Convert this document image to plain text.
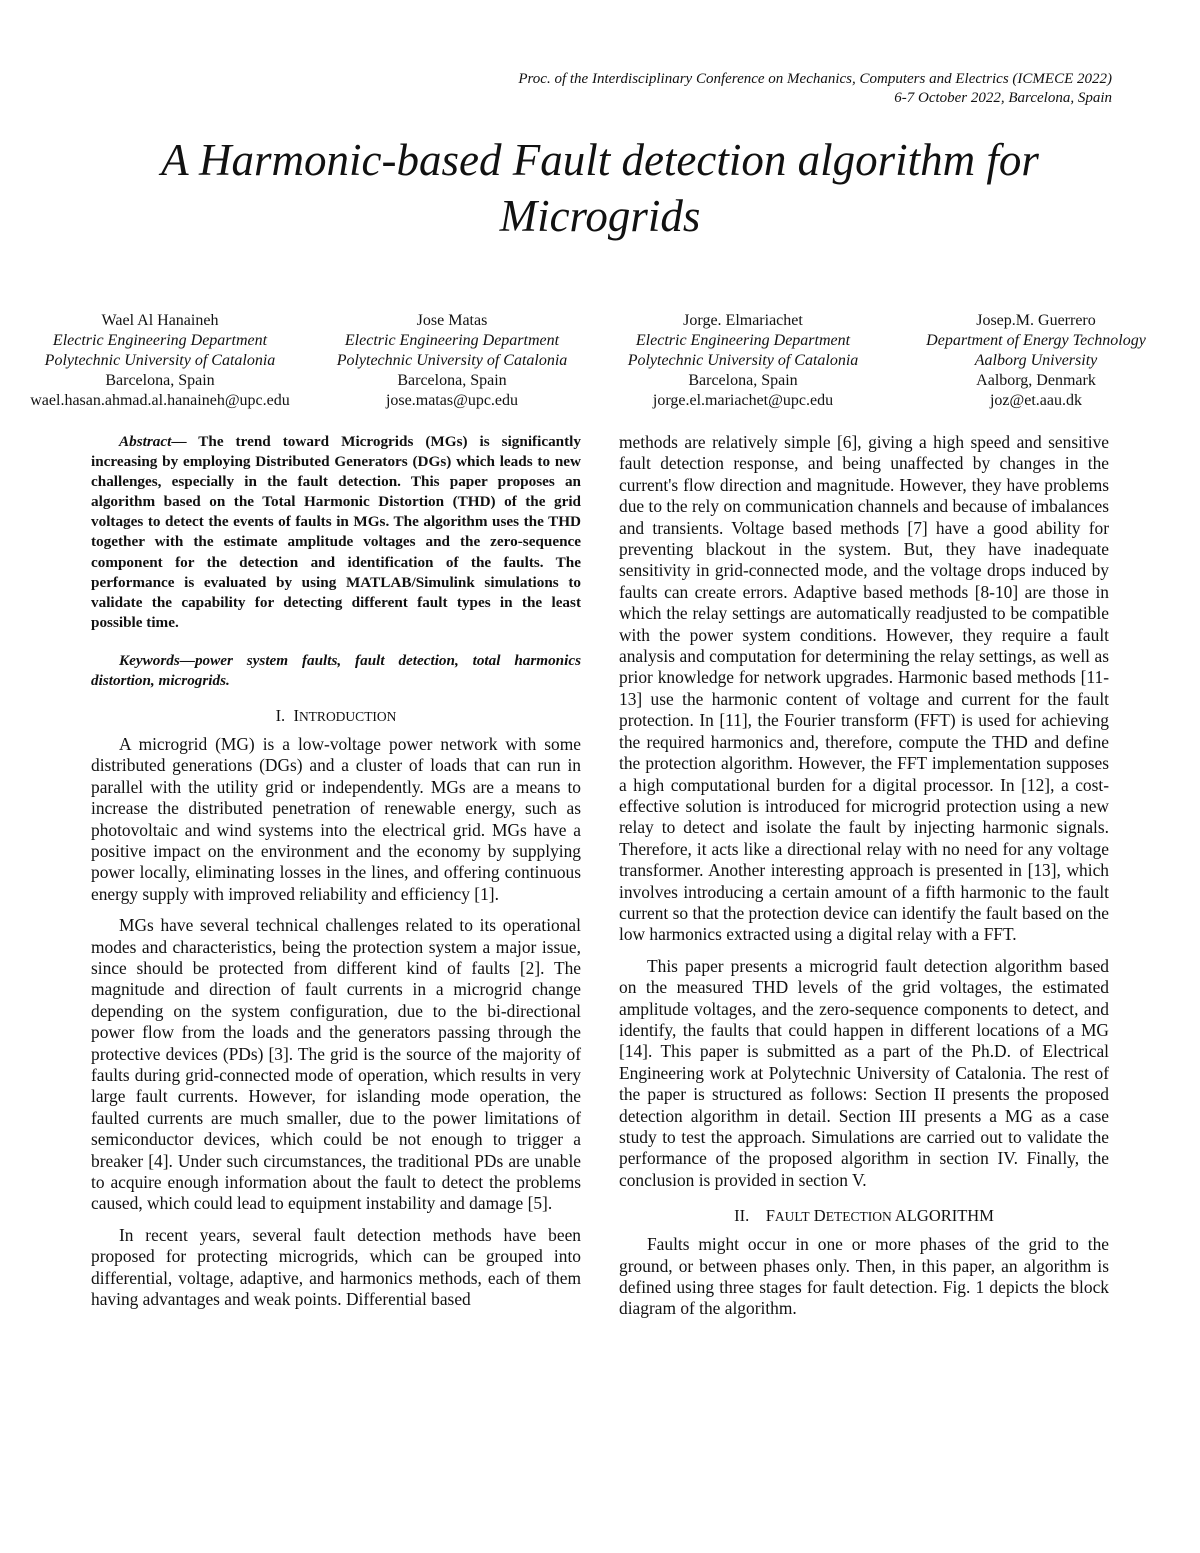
Proc. of the Interdisciplinary Conference on Mechanics, Computers and Electrics (ICMECE 2022)
6-7 October 2022, Barcelona, Spain
A Harmonic-based Fault detection algorithm for Microgrids
Wael Al Hanaineh
Electric Engineering Department
Polytechnic University of Catalonia
Barcelona, Spain
wael.hasan.ahmad.al.hanaineh@upc.edu
Jose Matas
Electric Engineering Department
Polytechnic University of Catalonia
Barcelona, Spain
jose.matas@upc.edu
Jorge. Elmariachet
Electric Engineering Department
Polytechnic University of Catalonia
Barcelona, Spain
jorge.el.mariachet@upc.edu
Josep.M. Guerrero
Department of Energy Technology
Aalborg University
Aalborg, Denmark
joz@et.aau.dk

Abstract— The trend toward Microgrids (MGs) is significantly increasing by employing Distributed Generators (DGs) which leads to new challenges, especially in the fault detection. This paper proposes an algorithm based on the Total Harmonic Distortion (THD) of the grid voltages to detect the events of faults in MGs. The algorithm uses the THD together with the estimate amplitude voltages and the zero-sequence component for the detection and identification of the faults. The performance is evaluated by using MATLAB/Simulink simulations to validate the capability for detecting different fault types in the least possible time.

Keywords—power system faults, fault detection, total harmonics distortion, microgrids.

I. INTRODUCTION

A microgrid (MG) is a low-voltage power network with some distributed generations (DGs) and a cluster of loads that can run in parallel with the utility grid or independently. MGs are a means to increase the distributed penetration of renewable energy, such as photovoltaic and wind systems into the electrical grid. MGs have a positive impact on the environment and the economy by supplying power locally, eliminating losses in the lines, and offering continuous energy supply with improved reliability and efficiency [1].

MGs have several technical challenges related to its operational modes and characteristics, being the protection system a major issue, since should be protected from different kind of faults [2]. The magnitude and direction of fault currents in a microgrid change depending on the system configuration, due to the bi-directional power flow from the loads and the generators passing through the protective devices (PDs) [3]. The grid is the source of the majority of faults during grid-connected mode of operation, which results in very large fault currents. However, for islanding mode operation, the faulted currents are much smaller, due to the power limitations of semiconductor devices, which could be not enough to trigger a breaker [4]. Under such circumstances, the traditional PDs are unable to acquire enough information about the fault to detect the problems caused, which could lead to equipment instability and damage [5].

In recent years, several fault detection methods have been proposed for protecting microgrids, which can be grouped into differential, voltage, adaptive, and harmonics methods, each of them having advantages and weak points. Differential based

methods are relatively simple [6], giving a high speed and sensitive fault detection response, and being unaffected by changes in the current's flow direction and magnitude. However, they have problems due to the rely on communication channels and because of imbalances and transients. Voltage based methods [7] have a good ability for preventing blackout in the system. But, they have inadequate sensitivity in grid-connected mode, and the voltage drops induced by faults can create errors. Adaptive based methods [8-10] are those in which the relay settings are automatically readjusted to be compatible with the power system conditions. However, they require a fault analysis and computation for determining the relay settings, as well as prior knowledge for network upgrades. Harmonic based methods [11-13] use the harmonic content of voltage and current for the fault protection. In [11], the Fourier transform (FFT) is used for achieving the required harmonics and, therefore, compute the THD and define the protection algorithm. However, the FFT implementation supposes a high computational burden for a digital processor. In [12], a cost-effective solution is introduced for microgrid protection using a new relay to detect and isolate the fault by injecting harmonic signals. Therefore, it acts like a directional relay with no need for any voltage transformer. Another interesting approach is presented in [13], which involves introducing a certain amount of a fifth harmonic to the fault current so that the protection device can identify the fault based on the low harmonics extracted using a digital relay with a FFT.

This paper presents a microgrid fault detection algorithm based on the measured THD levels of the grid voltages, the estimated amplitude voltages, and the zero-sequence components to detect, and identify, the faults that could happen in different locations of a MG [14]. This paper is submitted as a part of the Ph.D. of Electrical Engineering work at Polytechnic University of Catalonia. The rest of the paper is structured as follows: Section II presents the proposed detection algorithm in detail. Section III presents a MG as a case study to test the approach. Simulations are carried out to validate the performance of the proposed algorithm in section IV. Finally, the conclusion is provided in section V.

II. FAULT DETECTION ALGORITHM

Faults might occur in one or more phases of the grid to the ground, or between phases only. Then, in this paper, an algorithm is defined using three stages for fault detection. Fig. 1 depicts the block diagram of the algorithm.
